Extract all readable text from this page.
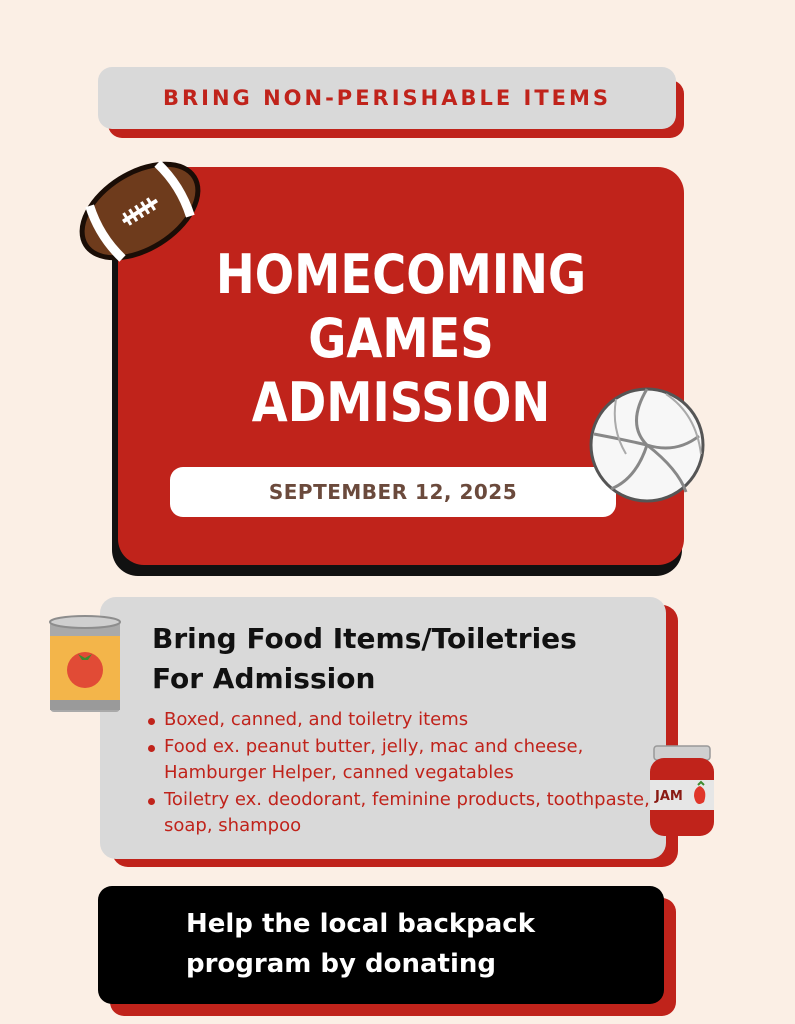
BRING NON-PERISHABLE ITEMS
HOMECOMING
GAMES
ADMISSION
SEPTEMBER 12, 2025
Bring Food Items/Toiletries
For Admission
Boxed, canned, and toiletry items
Food ex. peanut butter, jelly, mac and cheese, Hamburger Helper, canned vegatables
Toiletry ex. deodorant, feminine products, toothpaste, soap, shampoo
JAM

Help the local backpack
program by donating
